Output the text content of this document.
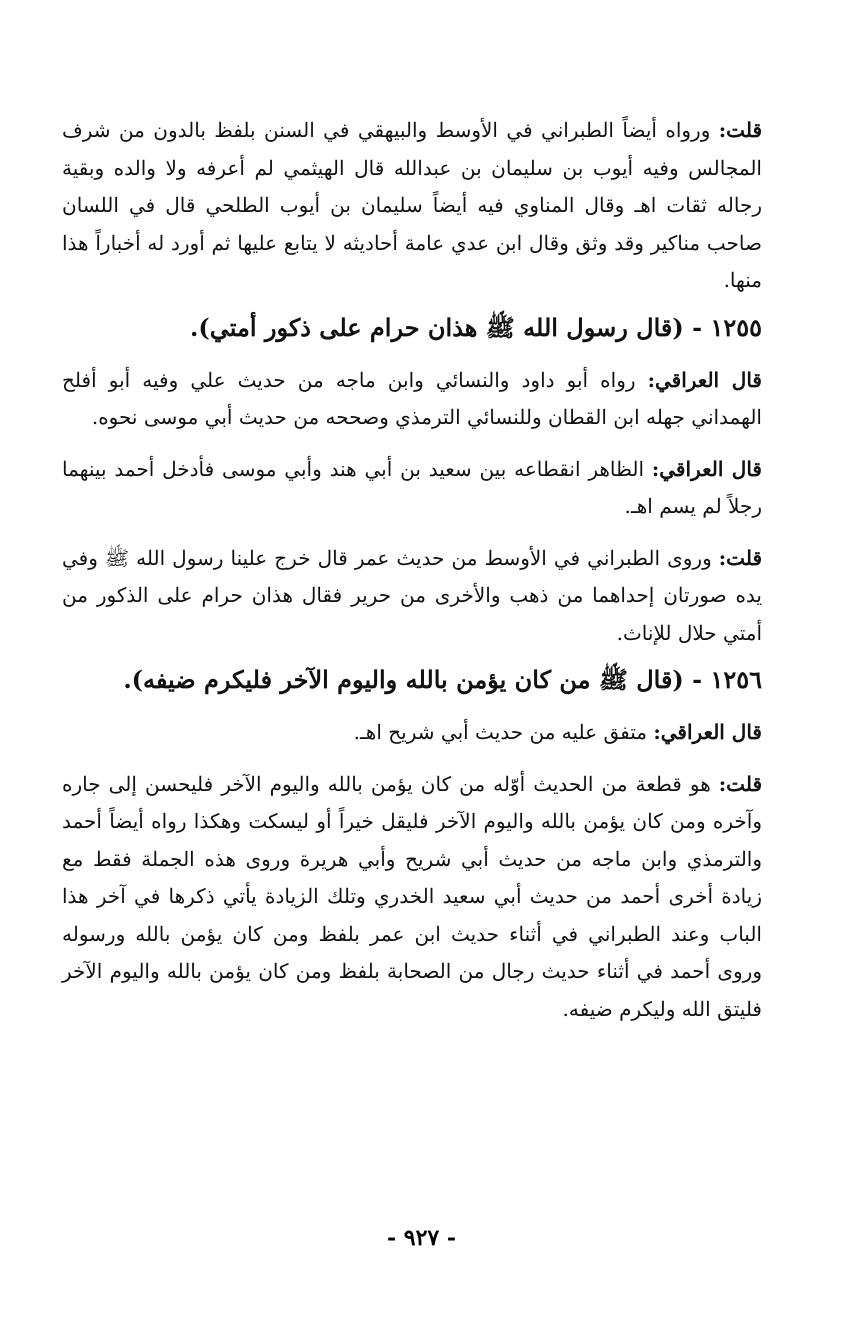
قلت: ورواه أيضاً الطبراني في الأوسط والبيهقي في السنن بلفظ بالدون من شرف المجالس وفيه أيوب بن سليمان بن عبدالله قال الهيثمي لم أعرفه ولا والده وبقية رجاله ثقات اهـ وقال المناوي فيه أيضاً سليمان بن أيوب الطلحي قال في اللسان صاحب مناكير وقد وثق وقال ابن عدي عامة أحاديثه لا يتابع عليها ثم أورد له أخباراً هذا منها.

١٢٥٥ - (قال رسول الله ﷺ هذان حرام على ذكور أمتي).

قال العراقي: رواه أبو داود والنسائي وابن ماجه من حديث علي وفيه أبو أفلح الهمداني جهله ابن القطان وللنسائي الترمذي وصححه من حديث أبي موسى نحوه.

قال العراقي: الظاهر انقطاعه بين سعيد بن أبي هند وأبي موسى فأدخل أحمد بينهما رجلاً لم يسم اهـ.

قلت: وروى الطبراني في الأوسط من حديث عمر قال خرج علينا رسول الله ﷺ وفي يده صورتان إحداهما من ذهب والأخرى من حرير فقال هذان حرام على الذكور من أمتي حلال للإناث.

١٢٥٦ - (قال ﷺ من كان يؤمن بالله واليوم الآخر فليكرم ضيفه).

قال العراقي: متفق عليه من حديث أبي شريح اهـ.

قلت: هو قطعة من الحديث أوّله من كان يؤمن بالله واليوم الآخر فليحسن إلى جاره وآخره ومن كان يؤمن بالله واليوم الآخر فليقل خيراً أو ليسكت وهكذا رواه أيضاً أحمد والترمذي وابن ماجه من حديث أبي شريح وأبي هريرة وروى هذه الجملة فقط مع زيادة أخرى أحمد من حديث أبي سعيد الخدري وتلك الزيادة يأتي ذكرها في آخر هذا الباب وعند الطبراني في أثناء حديث ابن عمر بلفظ ومن كان يؤمن بالله ورسوله وروى أحمد في أثناء حديث رجال من الصحابة بلفظ ومن كان يؤمن بالله واليوم الآخر فليتق الله وليكرم ضيفه.

- ٩٢٧ -
